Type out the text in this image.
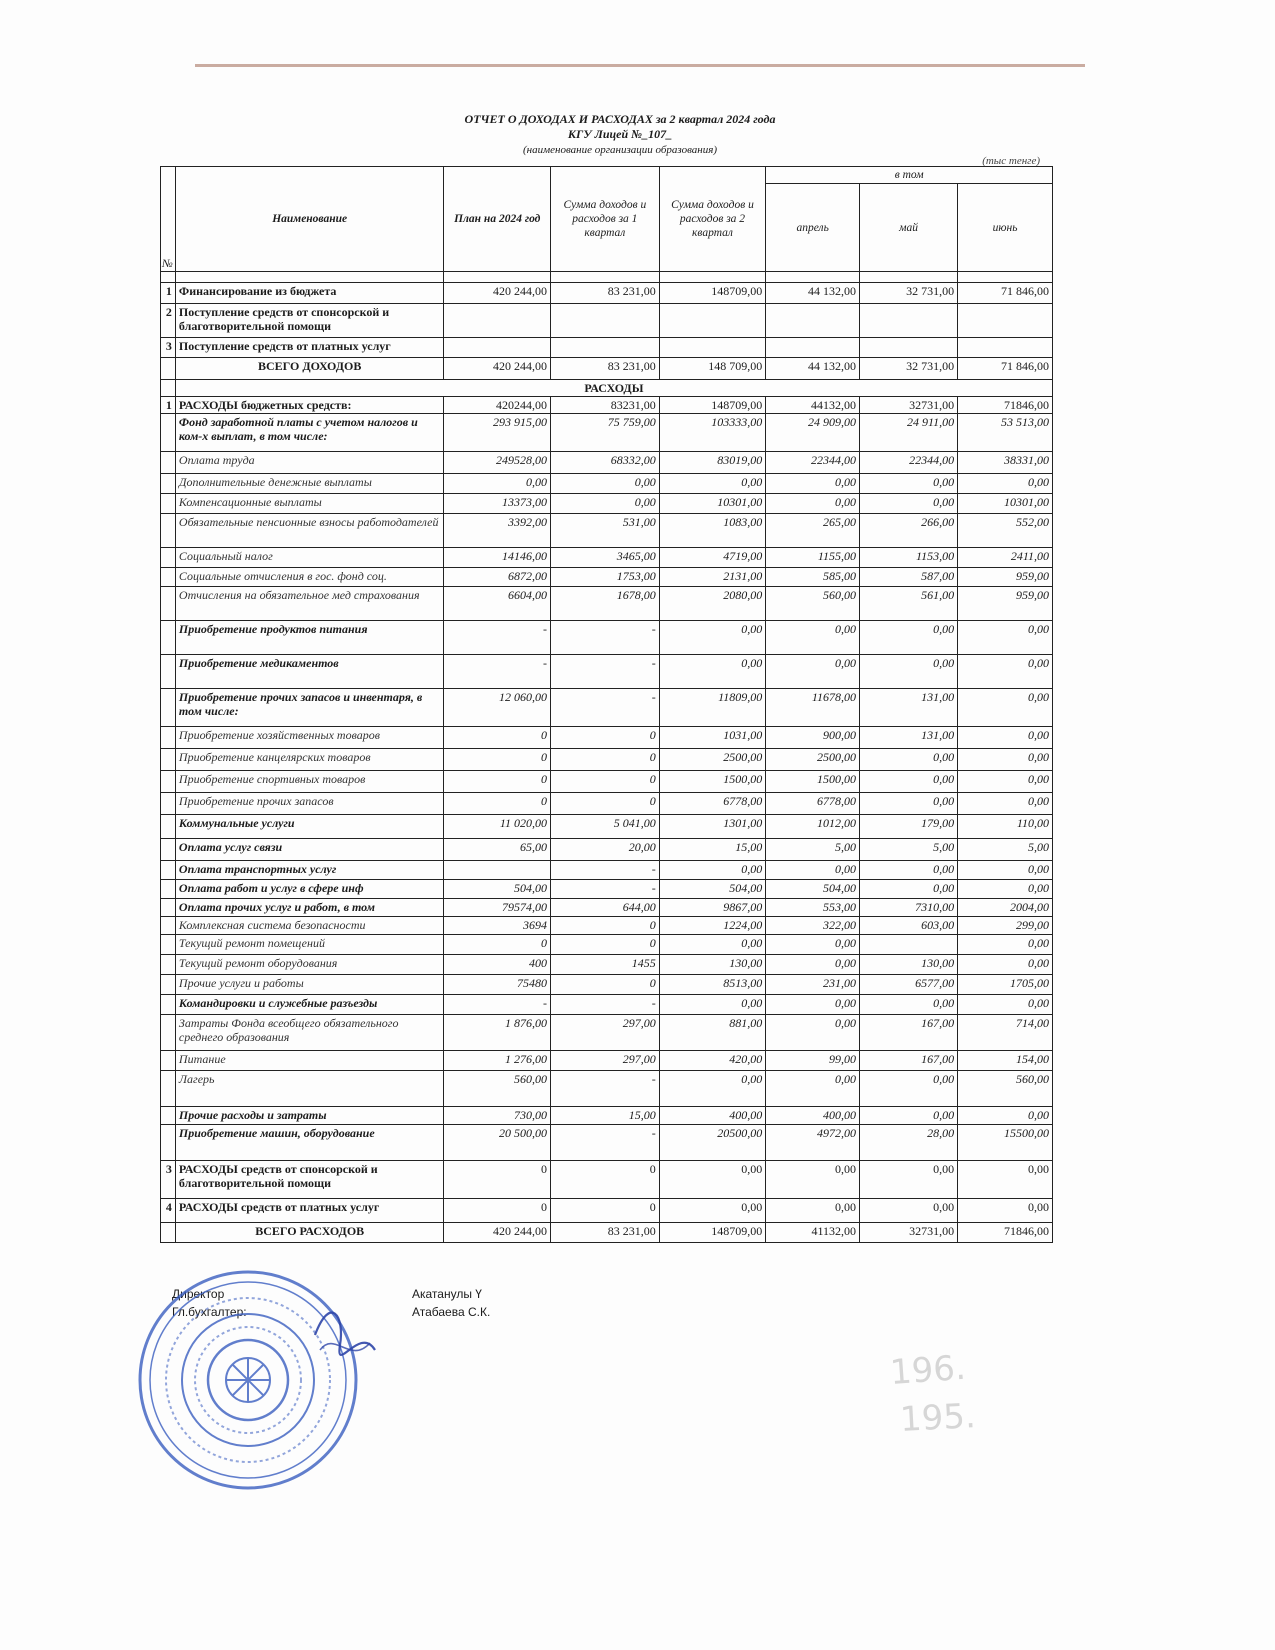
ОТЧЕТ О ДОХОДАХ И РАСХОДАХ за 2 квартал 2024 года
КГУ Лицей №_107_
(наименование организации образования)
(тыс тенге)
№	Наименование	План на 2024 год	Сумма доходов и расходов за 1 квартал	Сумма доходов и расходов за 2 квартал	в том		
					апрель	май	июнь

1	Финансирование из бюджета	420 244,00	83 231,00	148709,00	44 132,00	32 731,00	71 846,00
2	Поступление средств от спонсорской и благотворительной помощи						
3	Поступление средств от платных услуг						
	ВСЕГО ДОХОДОВ	420 244,00	83 231,00	148 709,00	44 132,00	32 731,00	71 846,00
	РАСХОДЫ						
1	РАСХОДЫ бюджетных средств:	420244,00	83231,00	148709,00	44132,00	32731,00	71846,00
	Фонд заработной платы с учетом налогов и ком-х выплат, в том числе:	293 915,00	75 759,00	103333,00	24 909,00	24 911,00	53 513,00
	Оплата труда	249528,00	68332,00	83019,00	22344,00	22344,00	38331,00
	Дополнительные денежные выплаты	0,00	0,00	0,00	0,00	0,00	0,00
	Компенсационные выплаты	13373,00	0,00	10301,00	0,00	0,00	10301,00
	Обязательные пенсионные взносы работодателей	3392,00	531,00	1083,00	265,00	266,00	552,00
	Социальный налог	14146,00	3465,00	4719,00	1155,00	1153,00	2411,00
	Социальные отчисления в гос. фонд соц.	6872,00	1753,00	2131,00	585,00	587,00	959,00
	Отчисления на обязательное мед страхования	6604,00	1678,00	2080,00	560,00	561,00	959,00
	Приобретение продуктов питания	-	-	0,00	0,00	0,00	0,00
	Приобретение медикаментов	-	-	0,00	0,00	0,00	0,00
	Приобретение прочих запасов и инвентаря, в том числе:	12 060,00	-	11809,00	11678,00	131,00	0,00
	Приобретение хозяйственных товаров	0	0	1031,00	900,00	131,00	0,00
	Приобретение канцелярских товаров	0	0	2500,00	2500,00	0,00	0,00
	Приобретение спортивных товаров	0	0	1500,00	1500,00	0,00	0,00
	Приобретение прочих запасов	0	0	6778,00	6778,00	0,00	0,00
	Коммунальные услуги	11 020,00	5 041,00	1301,00	1012,00	179,00	110,00
	Оплата услуг связи	65,00	20,00	15,00	5,00	5,00	5,00
	Оплата транспортных услуг		-	0,00	0,00	0,00	0,00
	Оплата работ и услуг в сфере инф	504,00	-	504,00	504,00	0,00	0,00
	Оплата прочих услуг и работ, в том	79574,00	644,00	9867,00	553,00	7310,00	2004,00
	Комплексная система безопасности	3694	0	1224,00	322,00	603,00	299,00
	Текущий ремонт помещений	0	0	0,00	0,00		0,00
	Текущий ремонт оборудования	400	1455	130,00	0,00	130,00	0,00
	Прочие услуги и работы	75480	0	8513,00	231,00	6577,00	1705,00
	Командировки и служебные разъезды	-	-	0,00	0,00	0,00	0,00
	Затраты Фонда всеобщего обязательного среднего образования	1 876,00	297,00	881,00	0,00	167,00	714,00
	Питание	1 276,00	297,00	420,00	99,00	167,00	154,00
	Лагерь	560,00	-	0,00	0,00	0,00	560,00
	Прочие расходы и затраты	730,00	15,00	400,00	400,00	0,00	0,00
	Приобретение машин, оборудование	20 500,00	-	20500,00	4972,00	28,00	15500,00
3	РАСХОДЫ средств от спонсорской и благотворительной помощи	0	0	0,00	0,00	0,00	0,00
4	РАСХОДЫ средств от платных услуг	0	0	0,00	0,00	0,00	0,00
	ВСЕГО РАСХОДОВ	420 244,00	83 231,00	148709,00	41132,00	32731,00	71846,00
Директор	Акатанулы Ү
Гл.бухгалтер:	Атабаева С.К.
196.
195.
